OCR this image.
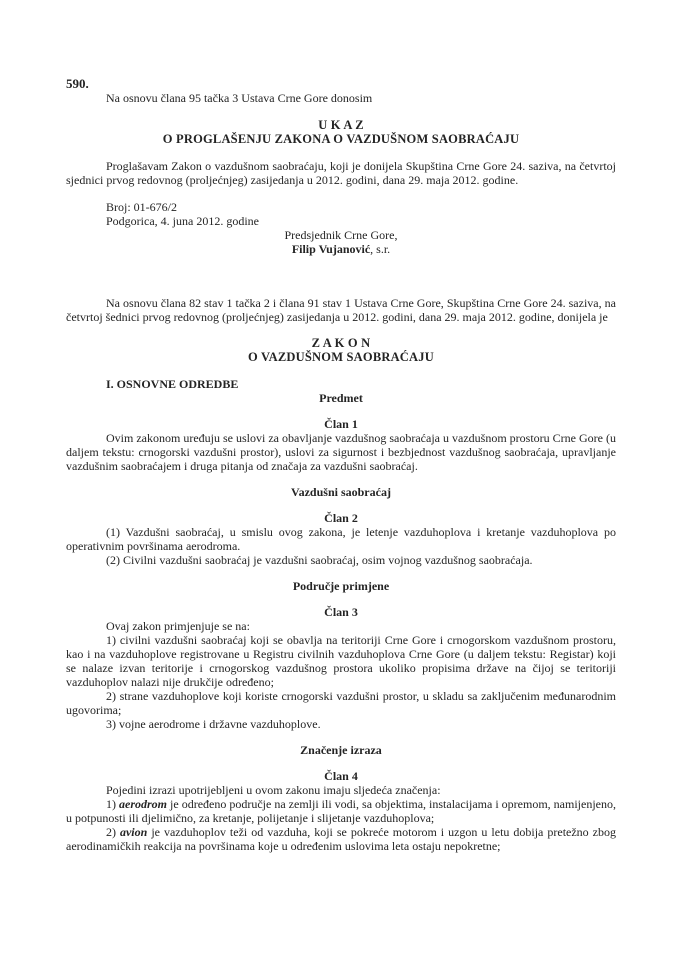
590.

Na osnovu člana 95 tačka 3 Ustava Crne Gore donosim

U K A Z
O PROGLAŠENJU ZAKONA O VAZDUŠNOM SAOBRAĆAJU

Proglašavam Zakon o vazdušnom saobraćaju, koji je donijela Skupština Crne Gore 24. saziva, na četvrtoj sjednici prvog redovnog (proljećnjeg) zasijedanja u 2012. godini, dana 29. maja 2012. godine.

Broj: 01-676/2

Podgorica, 4. juna 2012. godine

Predsjednik Crne Gore,
Filip Vujanović, s.r.

Na osnovu člana 82 stav 1 tačka 2 i člana 91 stav 1 Ustava Crne Gore, Skupština Crne Gore 24. saziva, na četvrtoj šednici prvog redovnog (proljećnjeg) zasijedanja u 2012. godini, dana 29. maja 2012. godine, donijela je

Z A K O N
O VAZDUŠNOM SAOBRAĆAJU

I. OSNOVNE ODREDBE

Predmet
Član 1

Ovim zakonom uređuju se uslovi za obavljanje vazdušnog saobraćaja u vazdušnom prostoru Crne Gore (u daljem tekstu: crnogorski vazdušni prostor), uslovi za sigurnost i bezbjednost vazdušnog saobraćaja, upravljanje vazdušnim saobraćajem i druga pitanja od značaja za vazdušni saobraćaj.

Vazdušni saobraćaj
Član 2

(1) Vazdušni saobraćaj, u smislu ovog zakona, je letenje vazduhoplova i kretanje vazduhoplova po operativnim površinama aerodroma.

(2) Civilni vazdušni saobraćaj je vazdušni saobraćaj, osim vojnog vazdušnog saobraćaja.

Područje primjene
Član 3

Ovaj zakon primjenjuje se na:

1) civilni vazdušni saobraćaj koji se obavlja na teritoriji Crne Gore i crnogorskom vazdušnom prostoru, kao i na vazduhoplove registrovane u Registru civilnih vazduhoplova Crne Gore (u daljem tekstu: Registar) koji se nalaze izvan teritorije i crnogorskog vazdušnog prostora ukoliko propisima države na čijoj se teritoriji vazduhoplov nalazi nije drukčije određeno;

2) strane vazduhoplove koji koriste crnogorski vazdušni prostor, u skladu sa zaključenim međunarodnim ugovorima;

3) vojne aerodrome i državne vazduhoplove.

Značenje izraza
Član 4

Pojedini izrazi upotrijebljeni u ovom zakonu imaju sljedeća značenja:

1) aerodrom je određeno područje na zemlji ili vodi, sa objektima, instalacijama i opremom, namijenjeno, u potpunosti ili djelimično, za kretanje, polijetanje i slijetanje vazduhoplova;

2) avion je vazduhoplov teži od vazduha, koji se pokreće motorom i uzgon u letu dobija pretežno zbog aerodinamičkih reakcija na površinama koje u određenim uslovima leta ostaju nepokretne;
